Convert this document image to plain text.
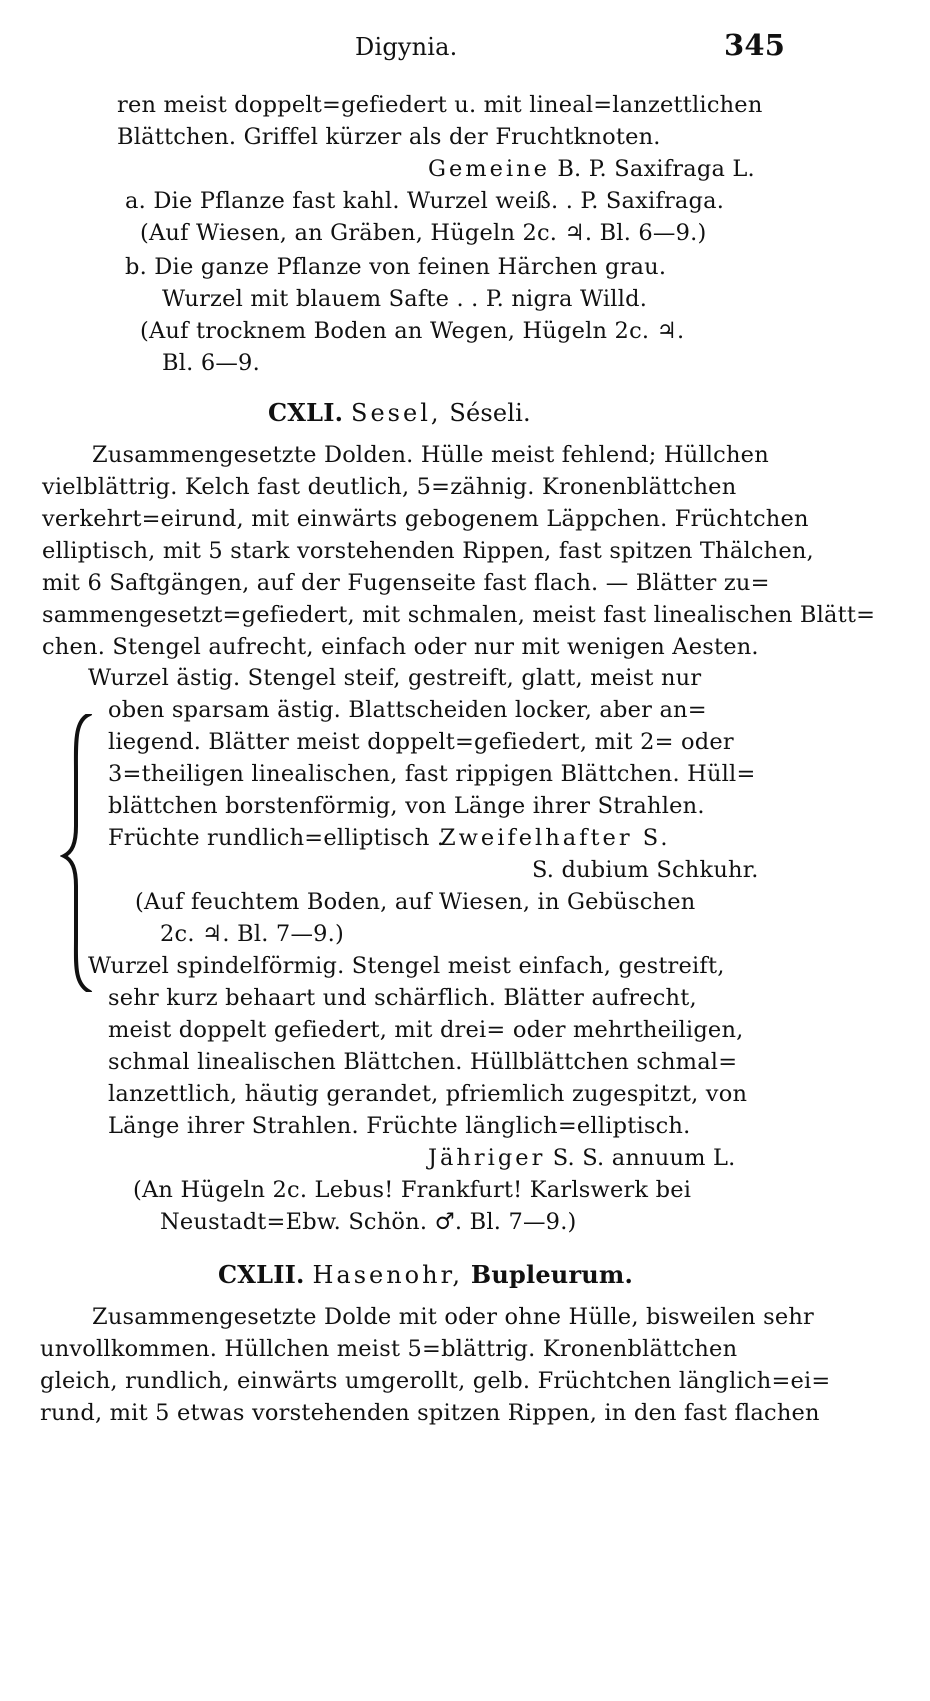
Digynia.	345
ren meist doppelt=gefiedert u. mit lineal=lanzettlichen
Blättchen. Griffel kürzer als der Fruchtknoten.
Gemeine B. P. Saxifraga L.
a. Die Pflanze fast kahl. Wurzel weiß. . P. Saxifraga.
(Auf Wiesen, an Gräben, Hügeln 2c. ♃. Bl. 6—9.)
b. Die ganze Pflanze von feinen Härchen grau.
Wurzel mit blauem Safte . . P. nigra Willd.
(Auf trocknem Boden an Wegen, Hügeln 2c. ♃.
Bl. 6—9.
CXLI. Sesel, Séseli.
Zusammengesetzte Dolden. Hülle meist fehlend; Hüllchen
vielblättrig. Kelch fast deutlich, 5=zähnig. Kronenblättchen
verkehrt=eirund, mit einwärts gebogenem Läppchen. Früchtchen
elliptisch, mit 5 stark vorstehenden Rippen, fast spitzen Thälchen,
mit 6 Saftgängen, auf der Fugenseite fast flach. — Blätter zu=
sammengesetzt=gefiedert, mit schmalen, meist fast linealischen Blätt=
chen. Stengel aufrecht, einfach oder nur mit wenigen Aesten.
Wurzel ästig. Stengel steif, gestreift, glatt, meist nur
oben sparsam ästig. Blattscheiden locker, aber an=
liegend. Blätter meist doppelt=gefiedert, mit 2= oder
3=theiligen linealischen, fast rippigen Blättchen. Hüll=
blättchen borstenförmig, von Länge ihrer Strahlen.
Früchte rundlich=elliptisch .
Zweifelhafter S.
S. dubium Schkuhr.
(Auf feuchtem Boden, auf Wiesen, in Gebüschen
2c. ♃. Bl. 7—9.)
Wurzel spindelförmig. Stengel meist einfach, gestreift,
sehr kurz behaart und schärflich. Blätter aufrecht,
meist doppelt gefiedert, mit drei= oder mehrtheiligen,
schmal linealischen Blättchen. Hüllblättchen schmal=
lanzettlich, häutig gerandet, pfriemlich zugespitzt, von
Länge ihrer Strahlen. Früchte länglich=elliptisch.
Jähriger S. S. annuum L.
(An Hügeln 2c. Lebus! Frankfurt! Karlswerk bei
Neustadt=Ebw. Schön. ♂. Bl. 7—9.)
CXLII. Hasenohr, Bupleurum.
Zusammengesetzte Dolde mit oder ohne Hülle, bisweilen sehr
unvollkommen. Hüllchen meist 5=blättrig. Kronenblättchen
gleich, rundlich, einwärts umgerollt, gelb. Früchtchen länglich=ei=
rund, mit 5 etwas vorstehenden spitzen Rippen, in den fast flachen
